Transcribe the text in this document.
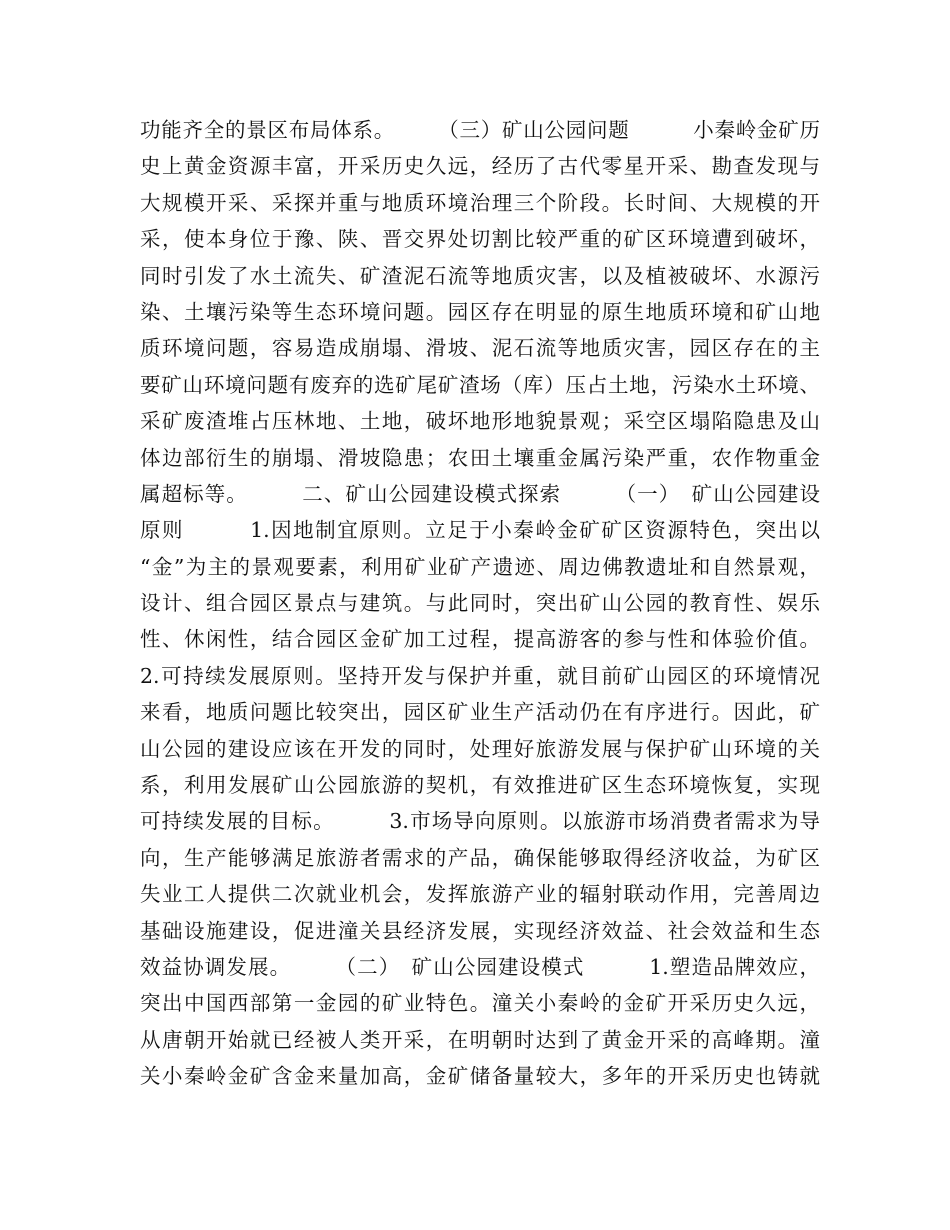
功能齐全的景区布局体系。　　　（三）矿山公园问题　　　小秦岭金矿历
史上黄金资源丰富，开采历史久远，经历了古代零星开采、勘查发现与
大规模开采、采探并重与地质环境治理三个阶段。长时间、大规模的开
采，使本身位于豫、陕、晋交界处切割比较严重的矿区环境遭到破坏，
同时引发了水土流失、矿渣泥石流等地质灾害，以及植被破坏、水源污
染、土壤污染等生态环境问题。园区存在明显的原生地质环境和矿山地
质环境问题，容易造成崩塌、滑坡、泥石流等地质灾害，园区存在的主
要矿山环境问题有废弃的选矿尾矿渣场（库）压占土地，污染水土环境、
采矿废渣堆占压林地、土地，破坏地形地貌景观；采空区塌陷隐患及山
体边部衍生的崩塌、滑坡隐患；农田土壤重金属污染严重，农作物重金
属超标等。　　　二、矿山公园建设模式探索　　　（一）　矿山公园建设
原则　　　1.因地制宜原则。立足于小秦岭金矿矿区资源特色，突出以
“金”为主的景观要素，利用矿业矿产遗迹、周边佛教遗址和自然景观，
设计、组合园区景点与建筑。与此同时，突出矿山公园的教育性、娱乐
性、休闲性，结合园区金矿加工过程，提高游客的参与性和体验价值。
2.可持续发展原则。坚持开发与保护并重，就目前矿山园区的环境情况
来看，地质问题比较突出，园区矿业生产活动仍在有序进行。因此，矿
山公园的建设应该在开发的同时，处理好旅游发展与保护矿山环境的关
系，利用发展矿山公园旅游的契机，有效推进矿区生态环境恢复，实现
可持续发展的目标。　　　3.市场导向原则。以旅游市场消费者需求为导
向，生产能够满足旅游者需求的产品，确保能够取得经济收益，为矿区
失业工人提供二次就业机会，发挥旅游产业的辐射联动作用，完善周边
基础设施建设，促进潼关县经济发展，实现经济效益、社会效益和生态
效益协调发展。　　　（二）　矿山公园建设模式　　　1.塑造品牌效应，
突出中国西部第一金园的矿业特色。潼关小秦岭的金矿开采历史久远，
从唐朝开始就已经被人类开采，在明朝时达到了黄金开采的高峰期。潼
关小秦岭金矿含金来量加高，金矿储备量较大，多年的开采历史也铸就
